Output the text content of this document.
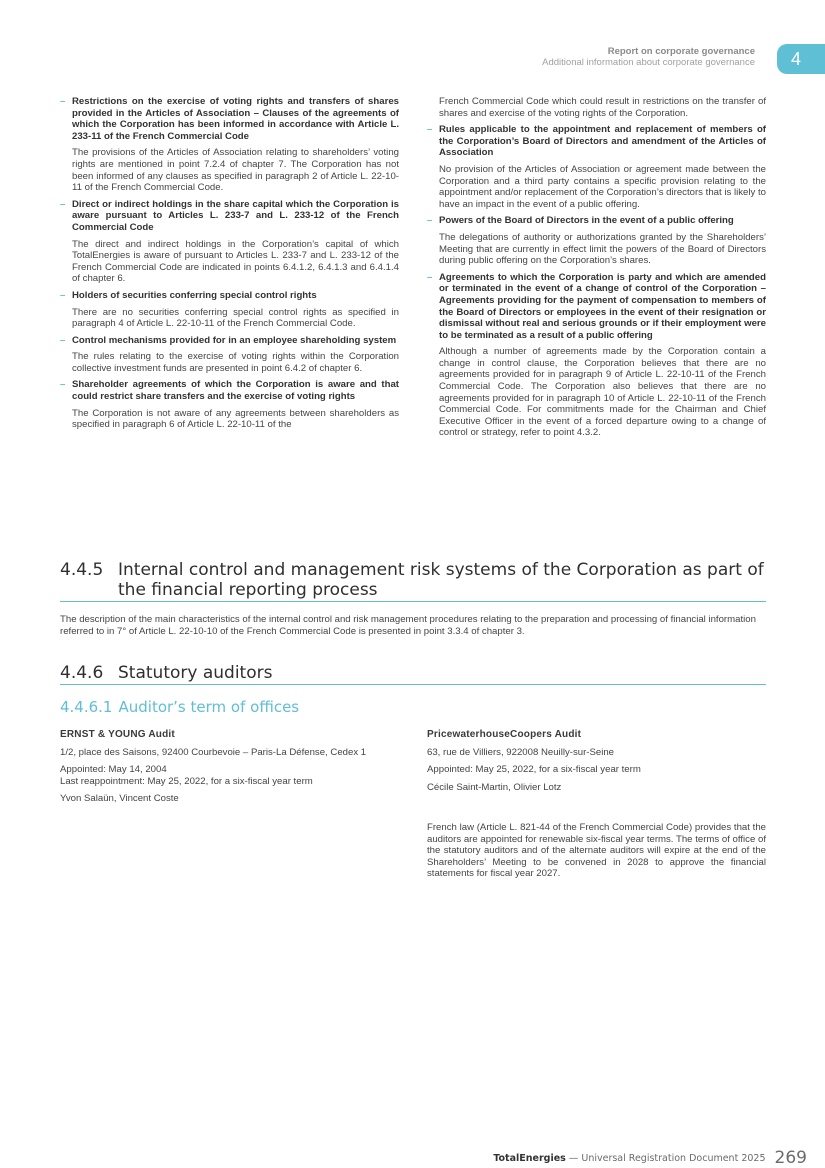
Report on corporate governance
Additional information about corporate governance	4
– Restrictions on the exercise of voting rights and transfers of shares provided in the Articles of Association – Clauses of the agreements of which the Corporation has been informed in accordance with Article L. 233-11 of the French Commercial Code
The provisions of the Articles of Association relating to shareholders’ voting rights are mentioned in point 7.2.4 of chapter 7. The Corporation has not been informed of any clauses as specified in paragraph 2 of Article L. 22-10-11 of the French Commercial Code.
– Direct or indirect holdings in the share capital which the Corporation is aware pursuant to Articles L. 233-7 and L. 233-12 of the French Commercial Code
The direct and indirect holdings in the Corporation’s capital of which TotalEnergies is aware of pursuant to Articles L. 233-7 and L. 233-12 of the French Commercial Code are indicated in points 6.4.1.2, 6.4.1.3 and 6.4.1.4 of chapter 6.
– Holders of securities conferring special control rights
There are no securities conferring special control rights as specified in paragraph 4 of Article L. 22-10-11 of the French Commercial Code.
– Control mechanisms provided for in an employee shareholding system
The rules relating to the exercise of voting rights within the Corporation collective investment funds are presented in point 6.4.2 of chapter 6.
– Shareholder agreements of which the Corporation is aware and that could restrict share transfers and the exercise of voting rights
The Corporation is not aware of any agreements between shareholders as specified in paragraph 6 of Article L. 22-10-11 of the
French Commercial Code which could result in restrictions on the transfer of shares and exercise of the voting rights of the Corporation.
– Rules applicable to the appointment and replacement of members of the Corporation’s Board of Directors and amendment of the Articles of Association
No provision of the Articles of Association or agreement made between the Corporation and a third party contains a specific provision relating to the appointment and/or replacement of the Corporation’s directors that is likely to have an impact in the event of a public offering.
– Powers of the Board of Directors in the event of a public offering
The delegations of authority or authorizations granted by the Shareholders’ Meeting that are currently in effect limit the powers of the Board of Directors during public offering on the Corporation’s shares.
– Agreements to which the Corporation is party and which are amended or terminated in the event of a change of control of the Corporation – Agreements providing for the payment of compensation to members of the Board of Directors or employees in the event of their resignation or dismissal without real and serious grounds or if their employment were to be terminated as a result of a public offering
Although a number of agreements made by the Corporation contain a change in control clause, the Corporation believes that there are no agreements provided for in paragraph 9 of Article L. 22-10-11 of the French Commercial Code. The Corporation also believes that there are no agreements provided for in paragraph 10 of Article L. 22-10-11 of the French Commercial Code. For commitments made for the Chairman and Chief Executive Officer in the event of a forced departure owing to a change of control or strategy, refer to point 4.3.2.
4.4.5 Internal control and management risk systems of the Corporation as part of the financial reporting process
The description of the main characteristics of the internal control and risk management procedures relating to the preparation and processing of financial information referred to in 7° of Article L. 22-10-10 of the French Commercial Code is presented in point 3.3.4 of chapter 3.
4.4.6 Statutory auditors
4.4.6.1 Auditor’s term of offices
ERNST & YOUNG Audit

1/2, place des Saisons, 92400 Courbevoie – Paris-La Défense, Cedex 1

Appointed: May 14, 2004

Last reappointment: May 25, 2022, for a six-fiscal year term

Yvon Salaün, Vincent Coste

PricewaterhouseCoopers Audit

63, rue de Villiers, 922008 Neuilly-sur-Seine

Appointed: May 25, 2022, for a six-fiscal year term

Cécile Saint-Martin, Olivier Lotz

French law (Article L. 821-44 of the French Commercial Code) provides that the auditors are appointed for renewable six-fiscal year terms. The terms of office of the statutory auditors and of the alternate auditors will expire at the end of the Shareholders’ Meeting to be convened in 2028 to approve the financial statements for fiscal year 2027.
TotalEnergies — Universal Registration Document 2025 269
